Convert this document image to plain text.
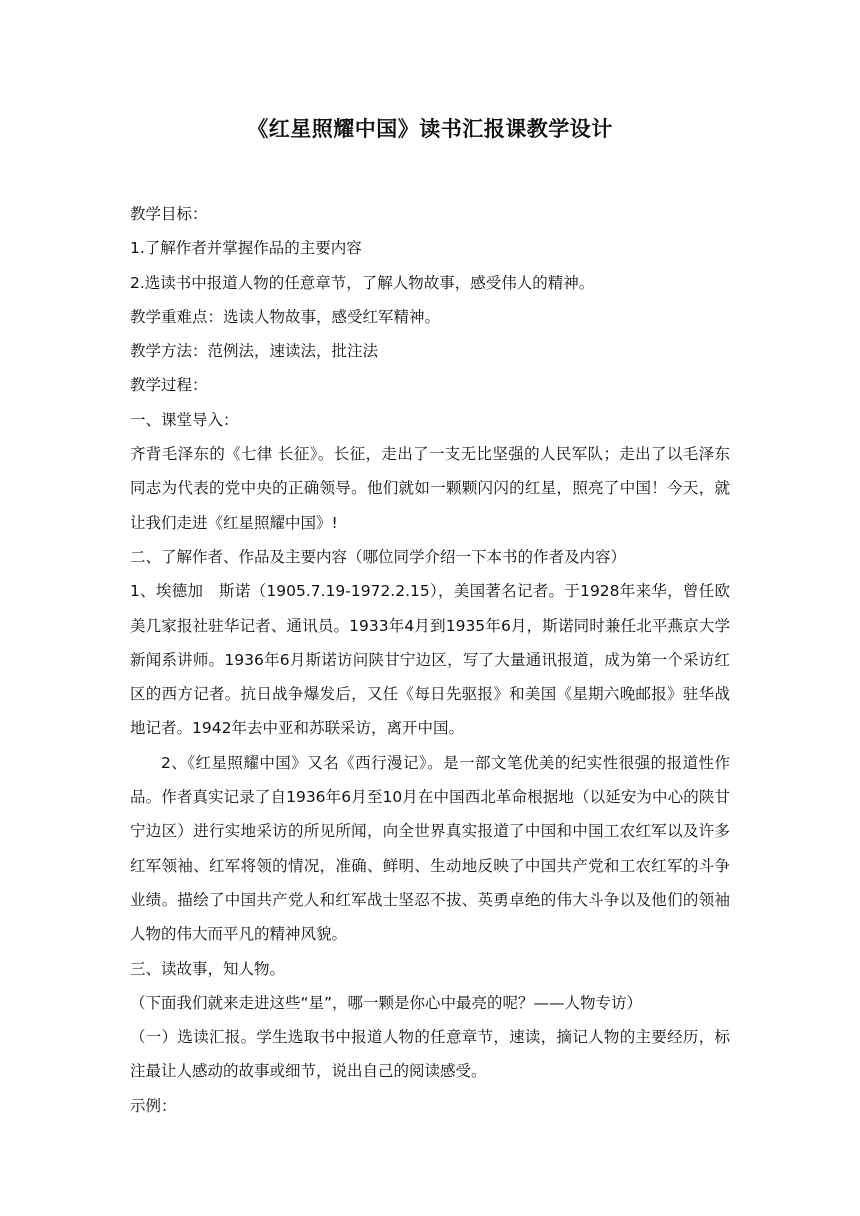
《红星照耀中国》读书汇报课教学设计

教学目标：

1.了解作者并掌握作品的主要内容

2.选读书中报道人物的任意章节，了解人物故事，感受伟人的精神。

教学重难点：选读人物故事，感受红军精神。

教学方法：范例法，速读法，批注法

教学过程：

一、课堂导入：

齐背毛泽东的《七律 长征》。长征，走出了一支无比坚强的人民军队；走出了以毛泽东同志为代表的党中央的正确领导。他们就如一颗颗闪闪的红星，照亮了中国！今天，就让我们走进《红星照耀中国》!

二、了解作者、作品及主要内容（哪位同学介绍一下本书的作者及内容）

1、埃德加　斯诺（1905.7.19-1972.2.15），美国著名记者。于1928年来华，曾任欧美几家报社驻华记者、通讯员。1933年4月到1935年6月，斯诺同时兼任北平燕京大学新闻系讲师。1936年6月斯诺访问陕甘宁边区，写了大量通讯报道，成为第一个采访红区的西方记者。抗日战争爆发后，又任《每日先驱报》和美国《星期六晚邮报》驻华战地记者。1942年去中亚和苏联采访，离开中国。

2、《红星照耀中国》又名《西行漫记》。是一部文笔优美的纪实性很强的报道性作品。作者真实记录了自1936年6月至10月在中国西北革命根据地（以延安为中心的陕甘宁边区）进行实地采访的所见所闻，向全世界真实报道了中国和中国工农红军以及许多红军领袖、红军将领的情况，准确、鲜明、生动地反映了中国共产党和工农红军的斗争业绩。描绘了中国共产党人和红军战士坚忍不拔、英勇卓绝的伟大斗争以及他们的领袖人物的伟大而平凡的精神风貌。

三、读故事，知人物。

（下面我们就来走进这些“星”，哪一颗是你心中最亮的呢？——人物专访）

（一）选读汇报。学生选取书中报道人物的任意章节，速读，摘记人物的主要经历，标注最让人感动的故事或细节，说出自己的阅读感受。

示例：
